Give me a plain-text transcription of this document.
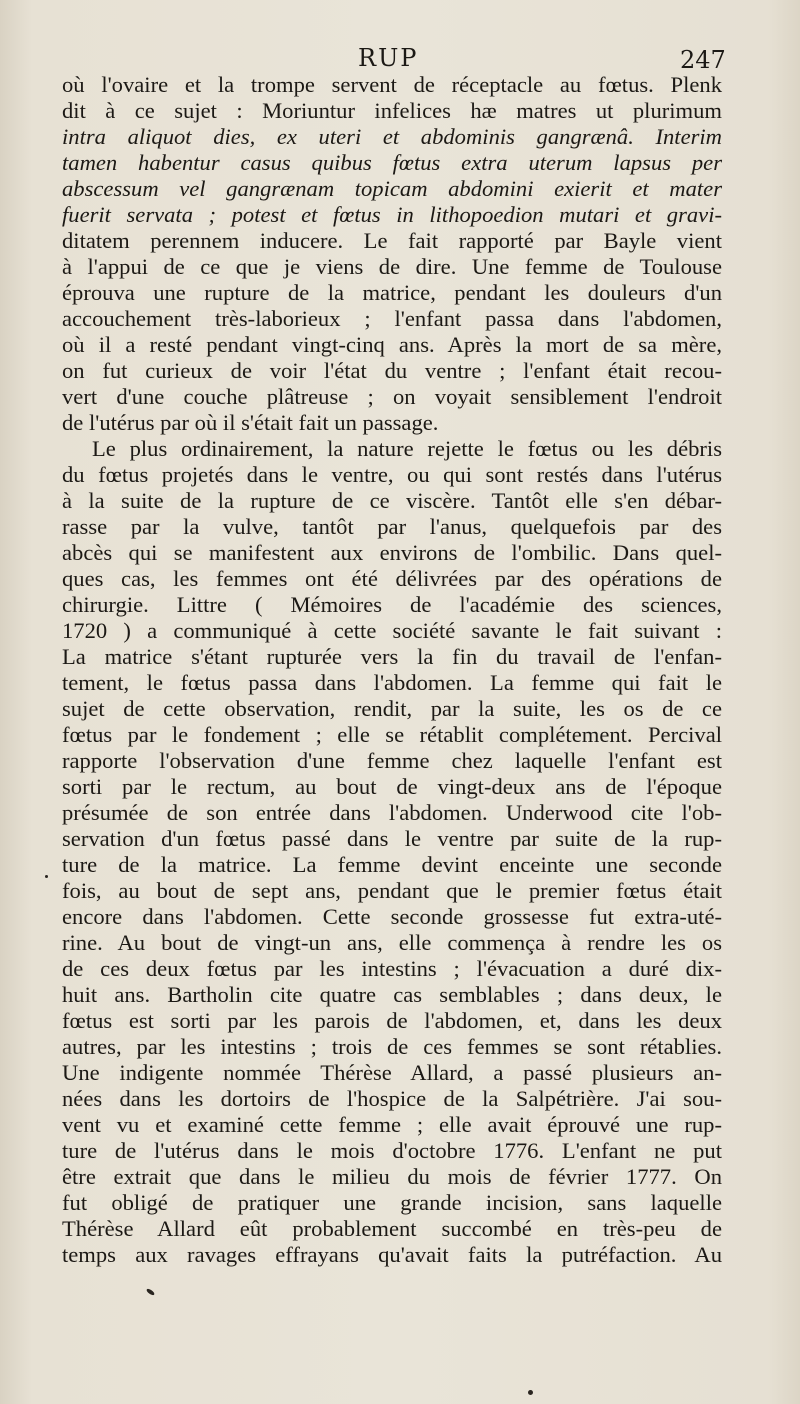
RUP	247
où l'ovaire et la trompe servent de réceptacle au fœtus. Plenk
dit à ce sujet : Moriuntur infelices hæ matres ut plurimum
intra aliquot dies, ex uteri et abdominis gangrænâ. Interim
tamen habentur casus quibus fœtus extra uterum lapsus per
abscessum vel gangrænam topicam abdomini exierit et mater
fuerit servata ; potest et fœtus in lithopoedion mutari et gravi-
ditatem perennem inducere. Le fait rapporté par Bayle vient
à l'appui de ce que je viens de dire. Une femme de Toulouse
éprouva une rupture de la matrice, pendant les douleurs d'un
accouchement très-laborieux ; l'enfant passa dans l'abdomen,
où il a resté pendant vingt-cinq ans. Après la mort de sa mère,
on fut curieux de voir l'état du ventre ; l'enfant était recou-
vert d'une couche plâtreuse ; on voyait sensiblement l'endroit
de l'utérus par où il s'était fait un passage.
Le plus ordinairement, la nature rejette le fœtus ou les débris
du fœtus projetés dans le ventre, ou qui sont restés dans l'utérus
à la suite de la rupture de ce viscère. Tantôt elle s'en débar-
rasse par la vulve, tantôt par l'anus, quelquefois par des
abcès qui se manifestent aux environs de l'ombilic. Dans quel-
ques cas, les femmes ont été délivrées par des opérations de
chirurgie. Littre ( Mémoires de l'académie des sciences,
1720 ) a communiqué à cette société savante le fait suivant :
La matrice s'étant rupturée vers la fin du travail de l'enfan-
tement, le fœtus passa dans l'abdomen. La femme qui fait le
sujet de cette observation, rendit, par la suite, les os de ce
fœtus par le fondement ; elle se rétablit complétement. Percival
rapporte l'observation d'une femme chez laquelle l'enfant est
sorti par le rectum, au bout de vingt-deux ans de l'époque
présumée de son entrée dans l'abdomen. Underwood cite l'ob-
servation d'un fœtus passé dans le ventre par suite de la rup-
ture de la matrice. La femme devint enceinte une seconde
fois, au bout de sept ans, pendant que le premier fœtus était
encore dans l'abdomen. Cette seconde grossesse fut extra-uté-
rine. Au bout de vingt-un ans, elle commença à rendre les os
de ces deux fœtus par les intestins ; l'évacuation a duré dix-
huit ans. Bartholin cite quatre cas semblables ; dans deux, le
fœtus est sorti par les parois de l'abdomen, et, dans les deux
autres, par les intestins ; trois de ces femmes se sont rétablies.
Une indigente nommée Thérèse Allard, a passé plusieurs an-
nées dans les dortoirs de l'hospice de la Salpétrière. J'ai sou-
vent vu et examiné cette femme ; elle avait éprouvé une rup-
ture de l'utérus dans le mois d'octobre 1776. L'enfant ne put
être extrait que dans le milieu du mois de février 1777. On
fut obligé de pratiquer une grande incision, sans laquelle
Thérèse Allard eût probablement succombé en très-peu de
temps aux ravages effrayans qu'avait faits la putréfaction. Au
